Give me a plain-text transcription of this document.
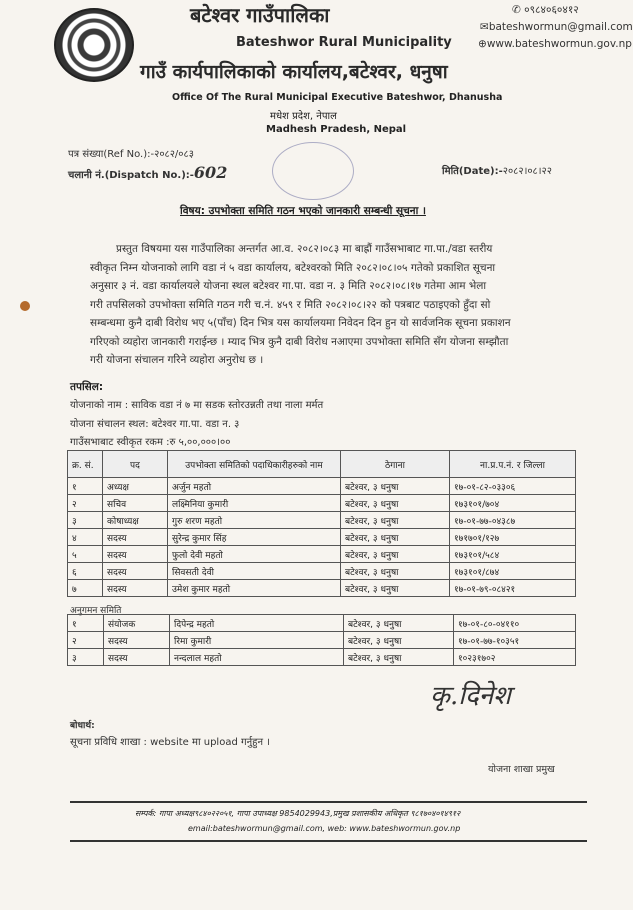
बटेश्वर गाउँपालिका
Bateshwor Rural Municipality
गाउँ कार्यपालिकाको कार्यालय,बटेश्वर, धनुषा
Office Of The Rural Municipal Executive Bateshwor, Dhanusha
मधेश प्रदेश, नेपाल
Madhesh Pradesh, Nepal
✆ ०९८४०६०४१२
✉bateshwormun@gmail.com
⊕www.bateshwormun.gov.np
पत्र संख्या(Ref No.):-२०८२/०८३
चलानी नं.(Dispatch No.):-602	मिति(Date):-२०८२।०८।२२
विषय: उपभोक्ता समिति गठन भएको जानकारी सम्बन्धी सूचना ।
प्रस्तुत विषयमा यस गाउँपालिका अन्तर्गत आ.व. २०८२।०८३ मा बाह्रौं गाउँसभाबाट गा.पा./वडा स्तरीय
स्वीकृत निम्न योजनाको लागि वडा नं ५ वडा कार्यालय, बटेश्वरको मिति २०८२।०८।०५ गतेको प्रकाशित सूचना
अनुसार ३ नं. वडा कार्यालयले योजना स्थल बटेश्वर गा.पा. वडा न. ३ मिति २०८२।०८।१७ गतेमा आम भेला
गरी तपसिलको उपभोक्ता समिति गठन गरी च.नं. ४५९ र मिति २०८२।०८।२२ को पत्रबाट पठाइएको हुँदा सो
सम्बन्धमा कुनै दाबी विरोध भए ५(पाँच) दिन भित्र यस कार्यालयमा निवेदन दिन हुन यो सार्वजनिक सूचना प्रकाशन
गरिएको व्यहोरा जानकारी गराईन्छ । म्याद भित्र कुनै दाबी विरोध नआएमा उपभोक्ता समिति सँग योजना सम्झौता
गरी योजना संचालन गरिने व्यहोरा अनुरोध छ ।
तपसिल:
योजनाको नाम : साविक वडा नं ७ मा सडक स्तोरउन्नती तथा नाला मर्मत
योजना संचालन स्थल: बटेश्वर गा.पा. वडा न. ३
गाउँसभाबाट स्वीकृत रकम :रु ५,००,०००।००
क्र. सं.	पद	उपभोक्ता समितिको पदाधिकारीहरुको नाम	ठेगाना	ना.प्र.प.नं. र जिल्ला
१	अध्यक्ष	अर्जुन महतो	बटेश्वर, ३ धनुषा	१७-०१-८२-०३३०६
२	सचिव	लक्ष्मिनिया कुमारी	बटेश्वर, ३ धनुषा	१७३१०१/७०४
३	कोषाध्यक्ष	गुरु शरण महतो	बटेश्वर, ३ धनुषा	१७-०१-७७-०४३८७
४	सदस्य	सुरेन्द्र कुमार सिंह	बटेश्वर, ३ धनुषा	१७१७०१/१२७
५	सदस्य	फुलो देवी महतो	बटेश्वर, ३ धनुषा	१७३१०१/५८४
६	सदस्य	सिवसती देवी	बटेश्वर, ३ धनुषा	१७३१०१/८७४
७	सदस्य	उमेश कुमार महतो	बटेश्वर, ३ धनुषा	१७-०१-७९-०८४२१
अनुगमन समिति
१	संयोजक	दिपेन्द्र महतो	बटेश्वर, ३ धनुषा	१७-०१-८०-०४११०
२	सदस्य	रिमा कुमारी	बटेश्वर, ३ धनुषा	१७-०१-७७-१०३५१
३	सदस्य	नन्दलाल महतो	बटेश्वर, ३ धनुषा	१०२३१७०२
कृ.दिनेश
योजना शाखा प्रमुख
बोधार्थ:
सूचना प्रविधि शाखा : website मा upload गर्नुहुन ।
सम्पर्क: गापा अध्यक्ष९८४०२२०५१, गापा उपाध्यक्ष 9854029943,प्रमुख प्रशासकीय अधिकृत ९८१७०४०१४९१२
email:bateshwormun@gmail.com, web: www.bateshwormun.gov.np
